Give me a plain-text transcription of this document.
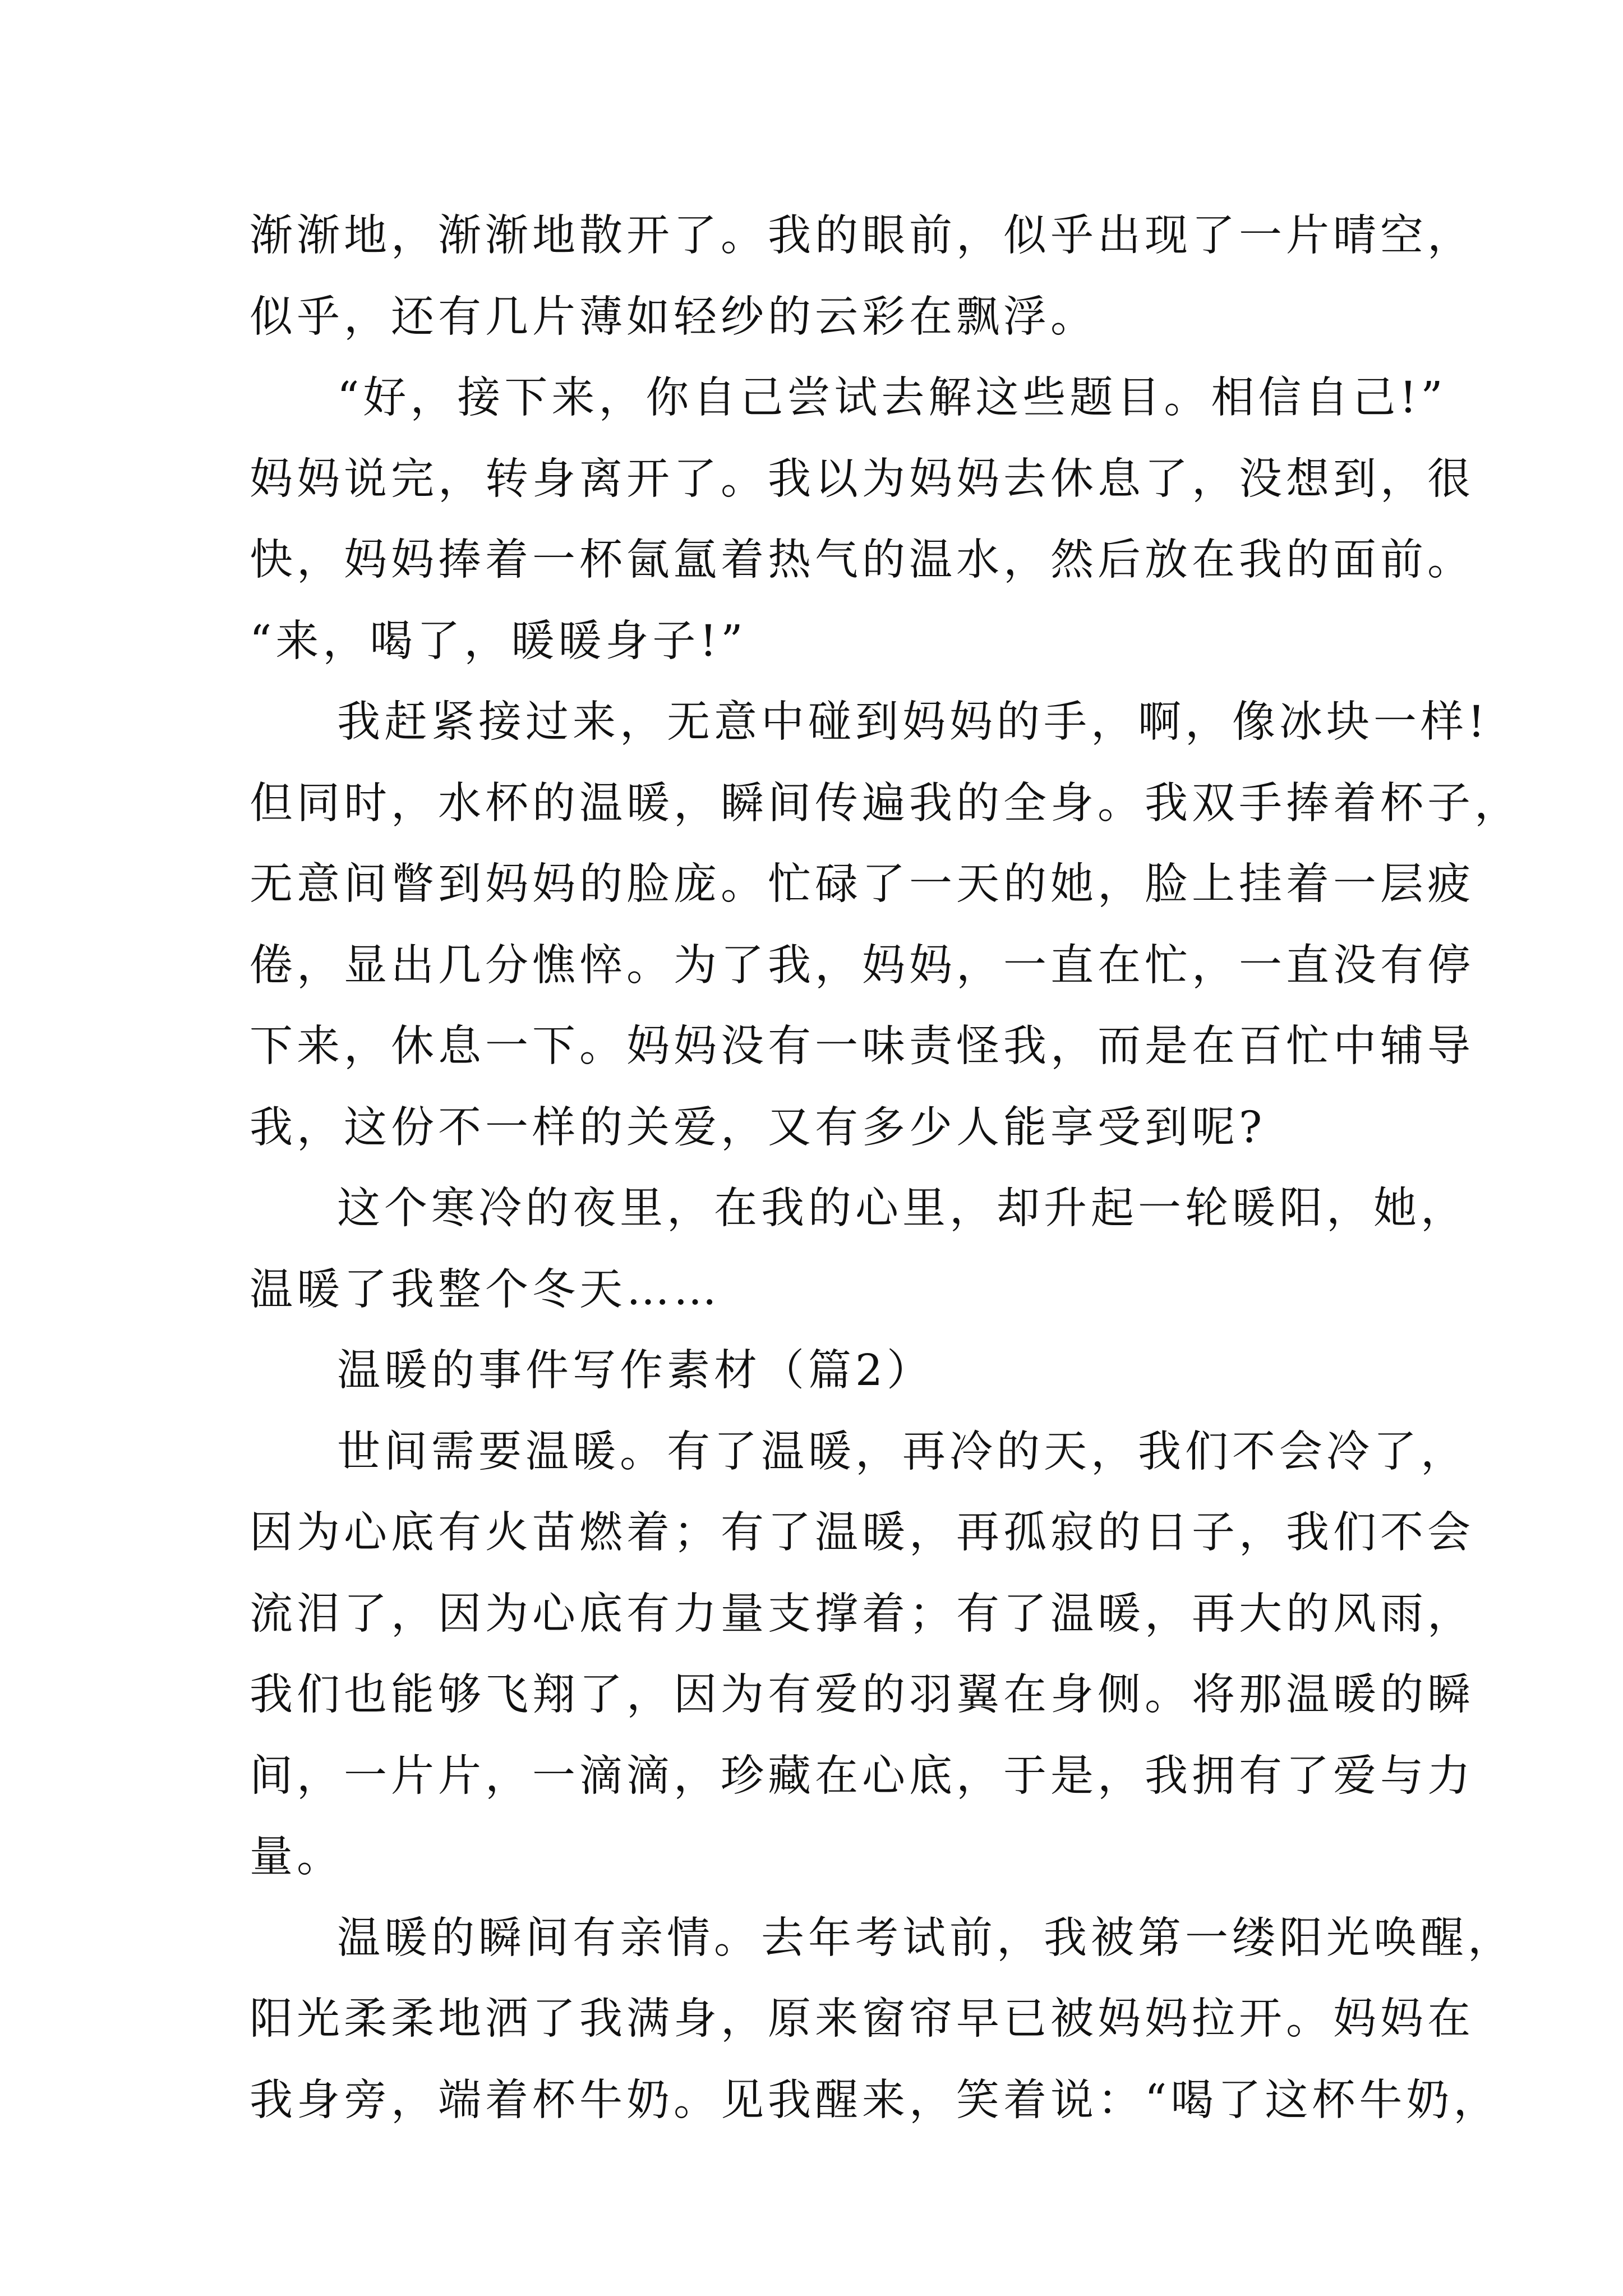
渐渐地，渐渐地散开了。我的眼前，似乎出现了一片晴空，
似乎，还有几片薄如轻纱的云彩在飘浮。
“好，接下来，你自己尝试去解这些题目。相信自己!”
妈妈说完，转身离开了。我以为妈妈去休息了，没想到，很
快，妈妈捧着一杯氤氲着热气的温水，然后放在我的面前。
“来，喝了，暖暖身子!”
我赶紧接过来，无意中碰到妈妈的手，啊，像冰块一样!
但同时，水杯的温暖，瞬间传遍我的全身。我双手捧着杯子，
无意间瞥到妈妈的脸庞。忙碌了一天的她，脸上挂着一层疲
倦，显出几分憔悴。为了我，妈妈，一直在忙，一直没有停
下来，休息一下。妈妈没有一味责怪我，而是在百忙中辅导
我，这份不一样的关爱，又有多少人能享受到呢?
这个寒冷的夜里，在我的心里，却升起一轮暖阳，她，
温暖了我整个冬天……
温暖的事件写作素材（篇2）
世间需要温暖。有了温暖，再冷的天，我们不会冷了，
因为心底有火苗燃着；有了温暖，再孤寂的日子，我们不会
流泪了，因为心底有力量支撑着；有了温暖，再大的风雨，
我们也能够飞翔了，因为有爱的羽翼在身侧。将那温暖的瞬
间，一片片，一滴滴，珍藏在心底，于是，我拥有了爱与力
量。
温暖的瞬间有亲情。去年考试前，我被第一缕阳光唤醒，
阳光柔柔地洒了我满身，原来窗帘早已被妈妈拉开。妈妈在
我身旁，端着杯牛奶。见我醒来，笑着说：“喝了这杯牛奶，
